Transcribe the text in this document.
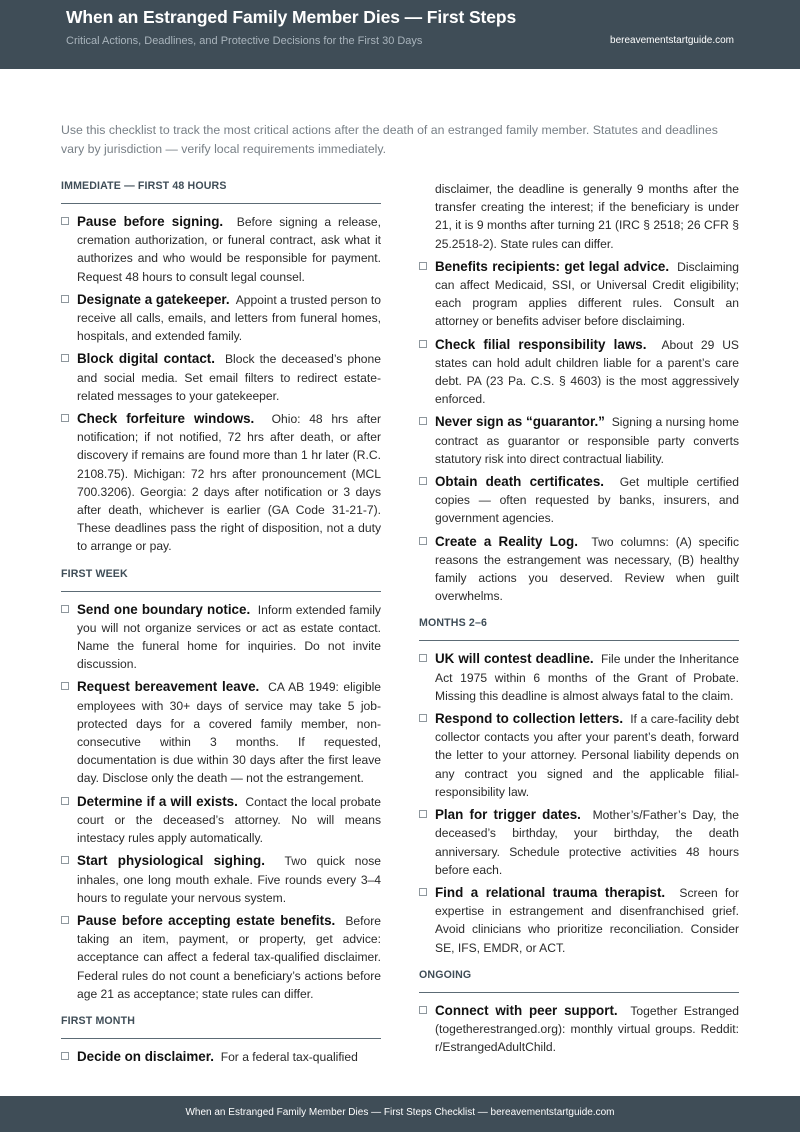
When an Estranged Family Member Dies — First Steps
Critical Actions, Deadlines, and Protective Decisions for the First 30 Days	bereavementstartguide.com
Use this checklist to track the most critical actions after the death of an estranged family member. Statutes and deadlines vary by jurisdiction — verify local requirements immediately.
IMMEDIATE — FIRST 48 HOURS
Pause before signing. Before signing a release, cremation authorization, or funeral contract, ask what it authorizes and who would be responsible for payment. Request 48 hours to consult legal counsel.
Designate a gatekeeper. Appoint a trusted person to receive all calls, emails, and letters from funeral homes, hospitals, and extended family.
Block digital contact. Block the deceased’s phone and social media. Set email filters to redirect estate-related messages to your gatekeeper.
Check forfeiture windows. Ohio: 48 hrs after notification; if not notified, 72 hrs after death, or after discovery if remains are found more than 1 hr later (R.C. 2108.75). Michigan: 72 hrs after pronouncement (MCL 700.3206). Georgia: 2 days after notification or 3 days after death, whichever is earlier (GA Code 31-21-7). These deadlines pass the right of disposition, not a duty to arrange or pay.
FIRST WEEK
Send one boundary notice. Inform extended family you will not organize services or act as estate contact. Name the funeral home for inquiries. Do not invite discussion.
Request bereavement leave. CA AB 1949: eligible employees with 30+ days of service may take 5 job-protected days for a covered family member, non-consecutive within 3 months. If requested, documentation is due within 30 days after the first leave day. Disclose only the death — not the estrangement.
Determine if a will exists. Contact the local probate court or the deceased’s attorney. No will means intestacy rules apply automatically.
Start physiological sighing. Two quick nose inhales, one long mouth exhale. Five rounds every 3–4 hours to regulate your nervous system.
Pause before accepting estate benefits. Before taking an item, payment, or property, get advice: acceptance can affect a federal tax-qualified disclaimer. Federal rules do not count a beneficiary’s actions before age 21 as acceptance; state rules can differ.
FIRST MONTH
Decide on disclaimer. For a federal tax-qualified
disclaimer, the deadline is generally 9 months after the transfer creating the interest; if the beneficiary is under 21, it is 9 months after turning 21 (IRC § 2518; 26 CFR § 25.2518-2). State rules can differ.
Benefits recipients: get legal advice. Disclaiming can affect Medicaid, SSI, or Universal Credit eligibility; each program applies different rules. Consult an attorney or benefits adviser before disclaiming.
Check filial responsibility laws. About 29 US states can hold adult children liable for a parent’s care debt. PA (23 Pa. C.S. § 4603) is the most aggressively enforced.
Never sign as “guarantor.” Signing a nursing home contract as guarantor or responsible party converts statutory risk into direct contractual liability.
Obtain death certificates. Get multiple certified copies — often requested by banks, insurers, and government agencies.
Create a Reality Log. Two columns: (A) specific reasons the estrangement was necessary, (B) healthy family actions you deserved. Review when guilt overwhelms.
MONTHS 2–6
UK will contest deadline. File under the Inheritance Act 1975 within 6 months of the Grant of Probate. Missing this deadline is almost always fatal to the claim.
Respond to collection letters. If a care-facility debt collector contacts you after your parent’s death, forward the letter to your attorney. Personal liability depends on any contract you signed and the applicable filial-responsibility law.
Plan for trigger dates. Mother’s/Father’s Day, the deceased’s birthday, your birthday, the death anniversary. Schedule protective activities 48 hours before each.
Find a relational trauma therapist. Screen for expertise in estrangement and disenfranchised grief. Avoid clinicians who prioritize reconciliation. Consider SE, IFS, EMDR, or ACT.
ONGOING
Connect with peer support. Together Estranged (togetherestranged.org): monthly virtual groups. Reddit: r/EstrangedAdultChild.
When an Estranged Family Member Dies — First Steps Checklist — bereavementstartguide.com
